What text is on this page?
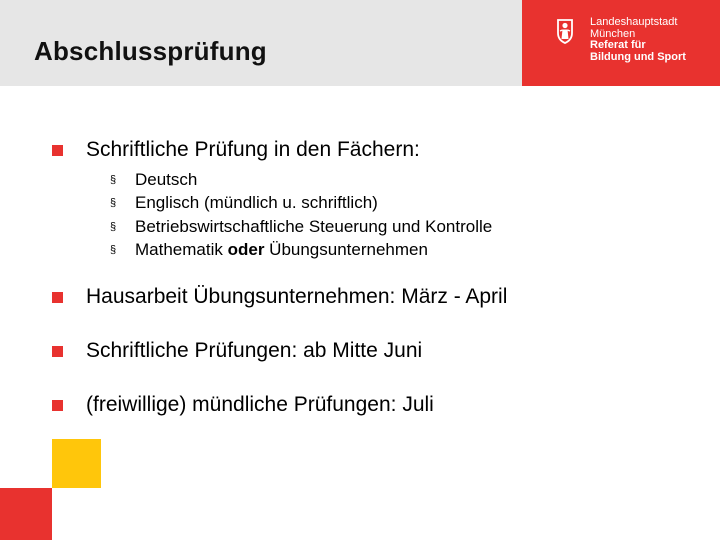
Abschlussprüfung
Landeshauptstadt
München
Referat für
Bildung und Sport
Schriftliche Prüfung in den Fächern:
§	Deutsch
§	Englisch (mündlich u. schriftlich)
§	Betriebswirtschaftliche Steuerung und Kontrolle
§	Mathematik oder Übungsunternehmen
Hausarbeit Übungsunternehmen: März - April
Schriftliche Prüfungen: ab Mitte Juni
(freiwillige) mündliche Prüfungen: Juli
